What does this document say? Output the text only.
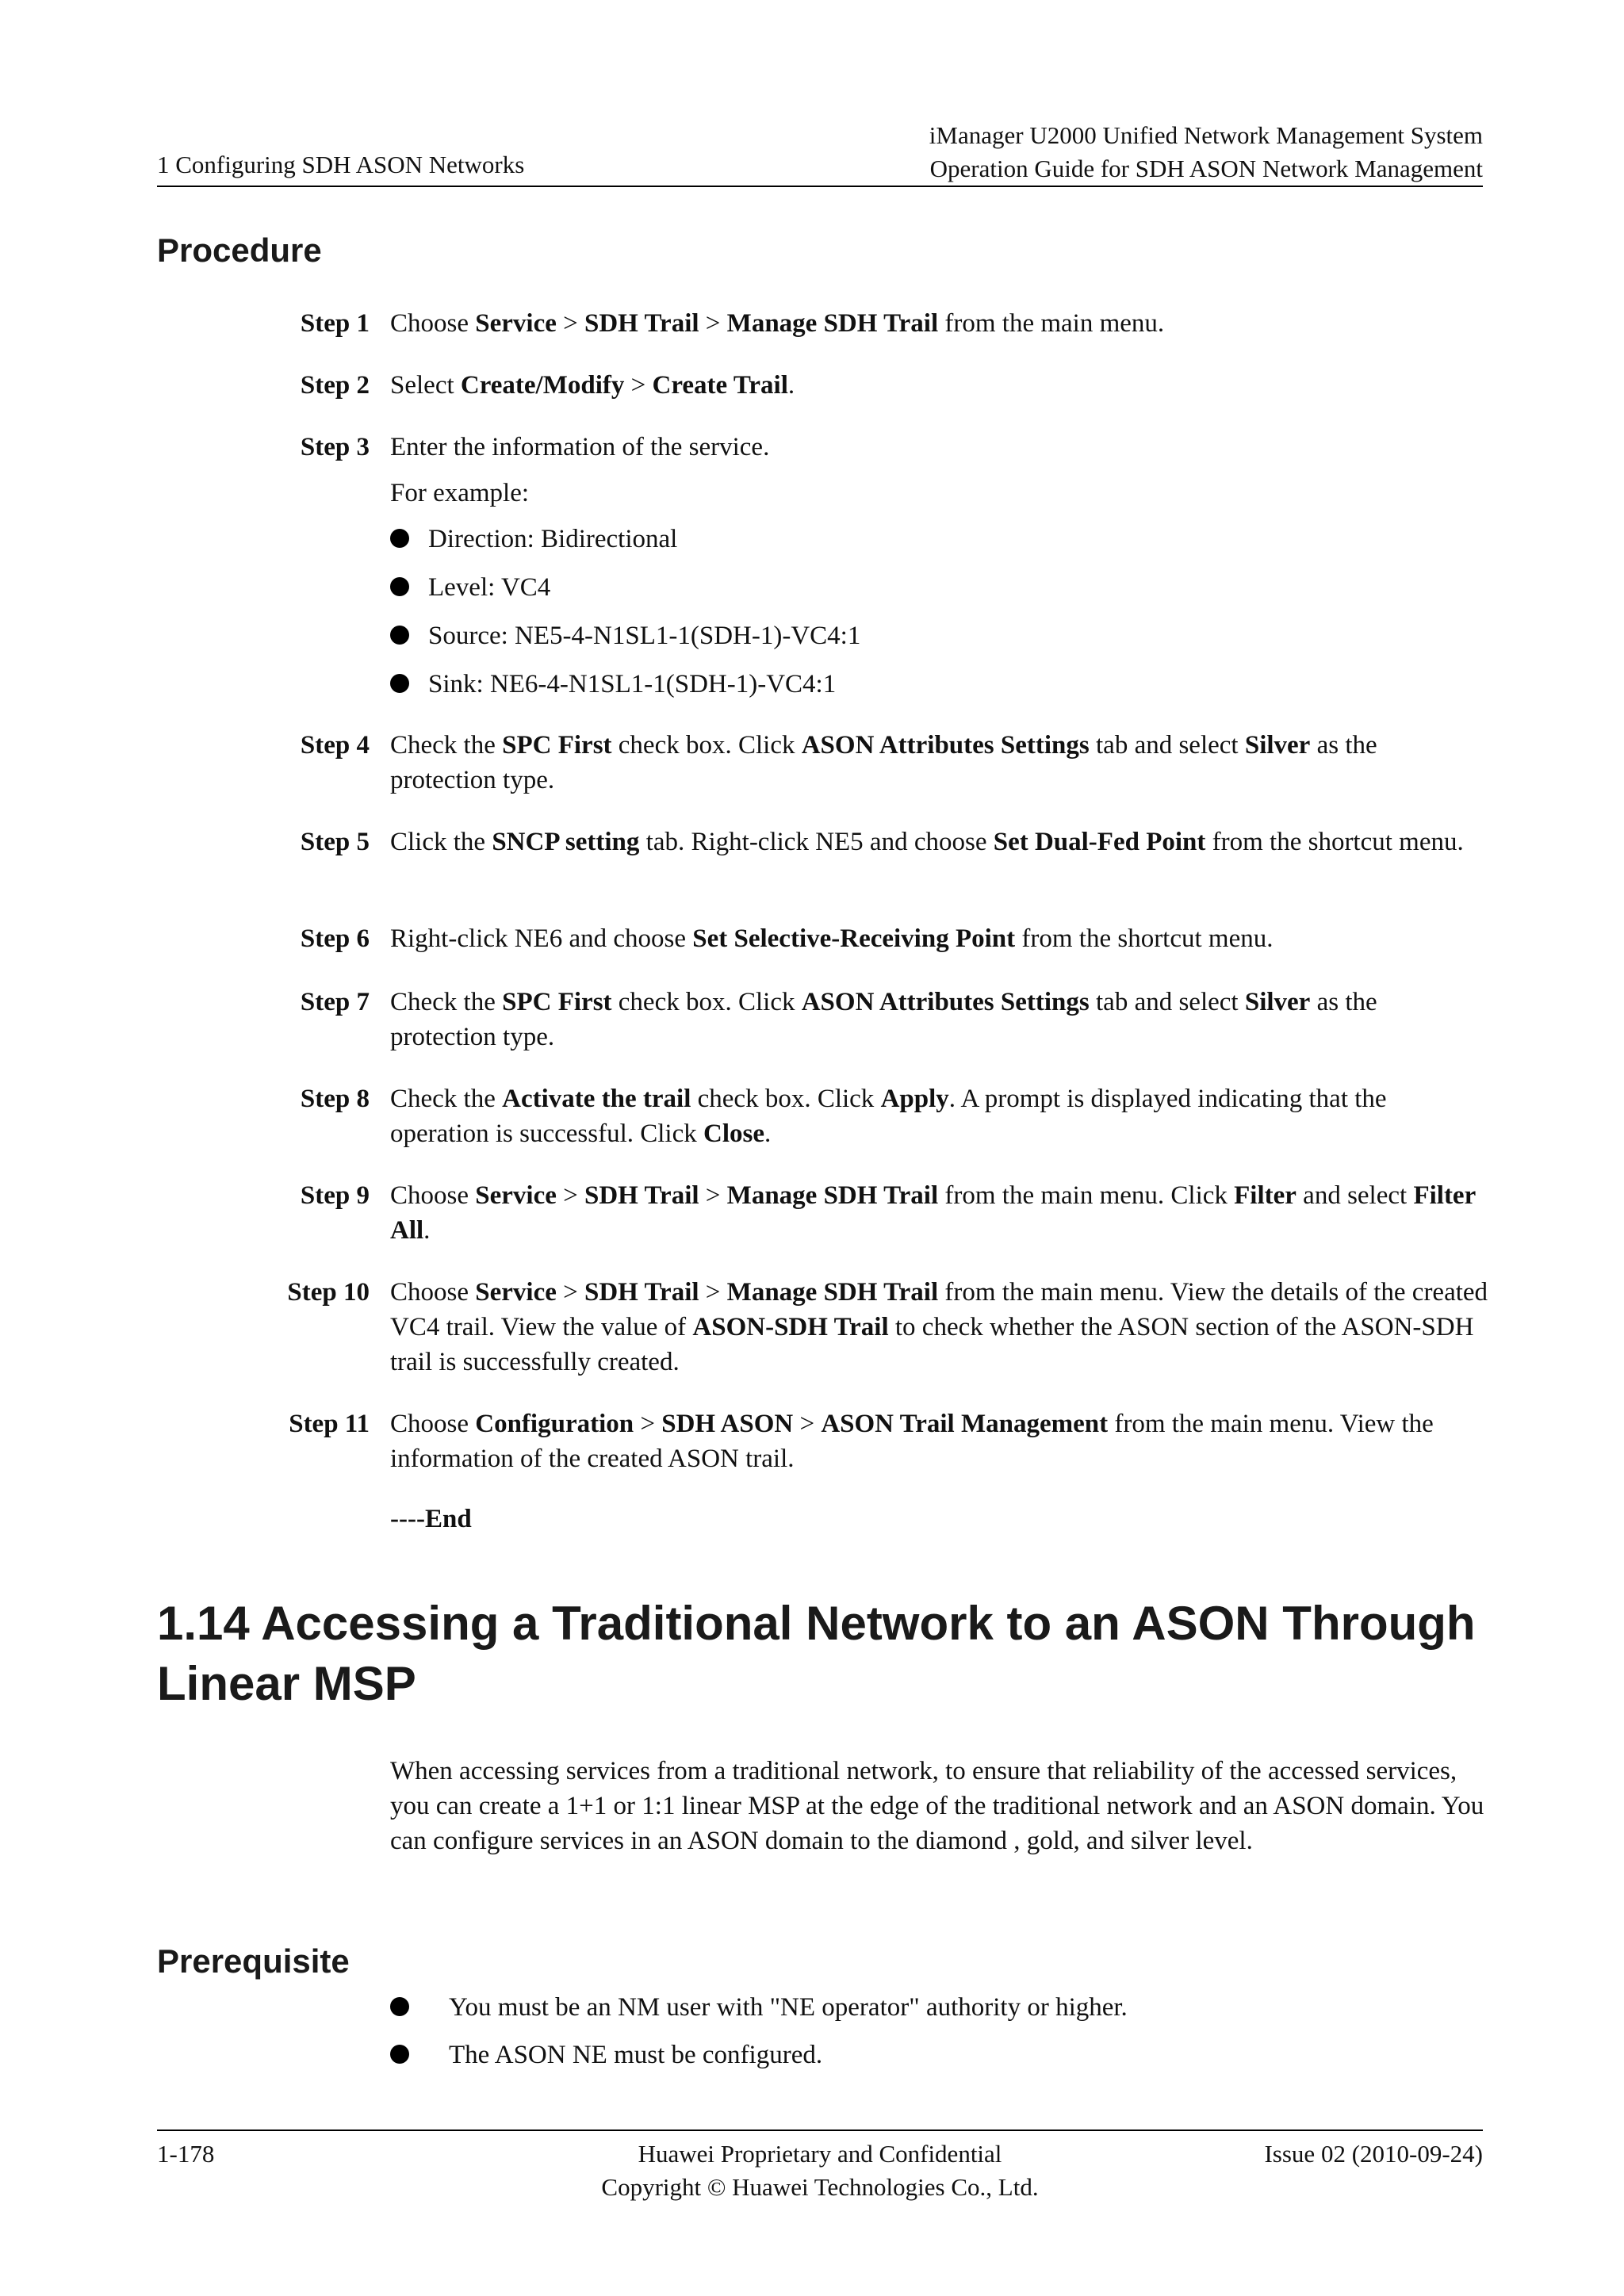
1 Configuring SDH ASON Networks
iManager U2000 Unified Network Management System
Operation Guide for SDH ASON Network Management
Procedure
Step 1 Choose Service > SDH Trail > Manage SDH Trail from the main menu.
Step 2 Select Create/Modify > Create Trail.
Step 3 Enter the information of the service.
For example:
Direction: Bidirectional
Level: VC4
Source: NE5-4-N1SL1-1(SDH-1)-VC4:1
Sink: NE6-4-N1SL1-1(SDH-1)-VC4:1
Step 4 Check the SPC First check box. Click ASON Attributes Settings tab and select Silver as the protection type.
Step 5 Click the SNCP setting tab. Right-click NE5 and choose Set Dual-Fed Point from the shortcut menu.
Step 6 Right-click NE6 and choose Set Selective-Receiving Point from the shortcut menu.
Step 7 Check the SPC First check box. Click ASON Attributes Settings tab and select Silver as the protection type.
Step 8 Check the Activate the trail check box. Click Apply. A prompt is displayed indicating that the operation is successful. Click Close.
Step 9 Choose Service > SDH Trail > Manage SDH Trail from the main menu. Click Filter and select Filter All.
Step 10 Choose Service > SDH Trail > Manage SDH Trail from the main menu. View the details of the created VC4 trail. View the value of ASON-SDH Trail to check whether the ASON section of the ASON-SDH trail is successfully created.
Step 11 Choose Configuration > SDH ASON > ASON Trail Management from the main menu. View the information of the created ASON trail.
----End
1.14 Accessing a Traditional Network to an ASON Through Linear MSP
When accessing services from a traditional network, to ensure that reliability of the accessed services, you can create a 1+1 or 1:1 linear MSP at the edge of the traditional network and an ASON domain. You can configure services in an ASON domain to the diamond , gold, and silver level.
Prerequisite
You must be an NM user with "NE operator" authority or higher.
The ASON NE must be configured.
1-178	Huawei Proprietary and Confidential
Copyright © Huawei Technologies Co., Ltd.
Issue 02 (2010-09-24)
